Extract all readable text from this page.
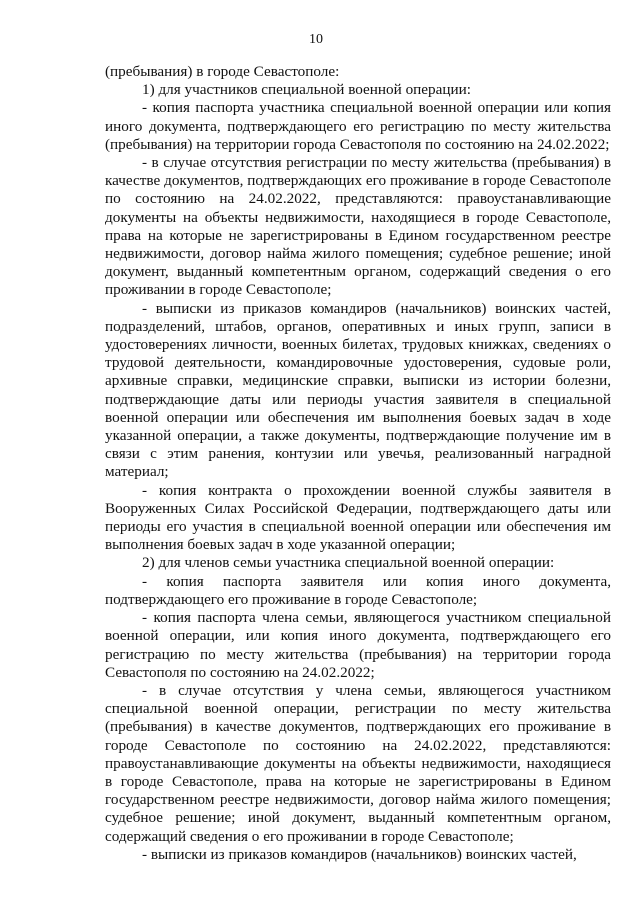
10

(пребывания) в городе Севастополе:

1) для участников специальной военной операции:

- копия паспорта участника специальной военной операции или копия иного документа, подтверждающего его регистрацию по месту жительства (пребывания) на территории города Севастополя по состоянию на 24.02.2022;

- в случае отсутствия регистрации по месту жительства (пребывания) в качестве документов, подтверждающих его проживание в городе Севастополе по состоянию на 24.02.2022, представляются: правоустанавливающие документы на объекты недвижимости, находящиеся в городе Севастополе, права на которые не зарегистрированы в Едином государственном реестре недвижимости, договор найма жилого помещения; судебное решение; иной документ, выданный компетентным органом, содержащий сведения о его проживании в городе Севастополе;

- выписки из приказов командиров (начальников) воинских частей, подразделений, штабов, органов, оперативных и иных групп, записи в удостоверениях личности, военных билетах, трудовых книжках, сведениях о трудовой деятельности, командировочные удостоверения, судовые роли, архивные справки, медицинские справки, выписки из истории болезни, подтверждающие даты или периоды участия заявителя в специальной военной операции или обеспечения им выполнения боевых задач в ходе указанной операции, а также документы, подтверждающие получение им в связи с этим ранения, контузии или увечья, реализованный наградной материал;

- копия контракта о прохождении военной службы заявителя в Вооруженных Силах Российской Федерации, подтверждающего даты или периоды его участия в специальной военной операции или обеспечения им выполнения боевых задач в ходе указанной операции;

2) для членов семьи участника специальной военной операции:

- копия паспорта заявителя или копия иного документа, подтверждающего его проживание в городе Севастополе;

- копия паспорта члена семьи, являющегося участником специальной военной операции, или копия иного документа, подтверждающего его регистрацию по месту жительства (пребывания) на территории города Севастополя по состоянию на 24.02.2022;

- в случае отсутствия у члена семьи, являющегося участником специальной военной операции, регистрации по месту жительства (пребывания) в качестве документов, подтверждающих его проживание в городе Севастополе по состоянию на 24.02.2022, представляются: правоустанавливающие документы на объекты недвижимости, находящиеся в городе Севастополе, права на которые не зарегистрированы в Едином государственном реестре недвижимости, договор найма жилого помещения; судебное решение; иной документ, выданный компетентным органом, содержащий сведения о его проживании в городе Севастополе;

- выписки из приказов командиров (начальников) воинских частей,
